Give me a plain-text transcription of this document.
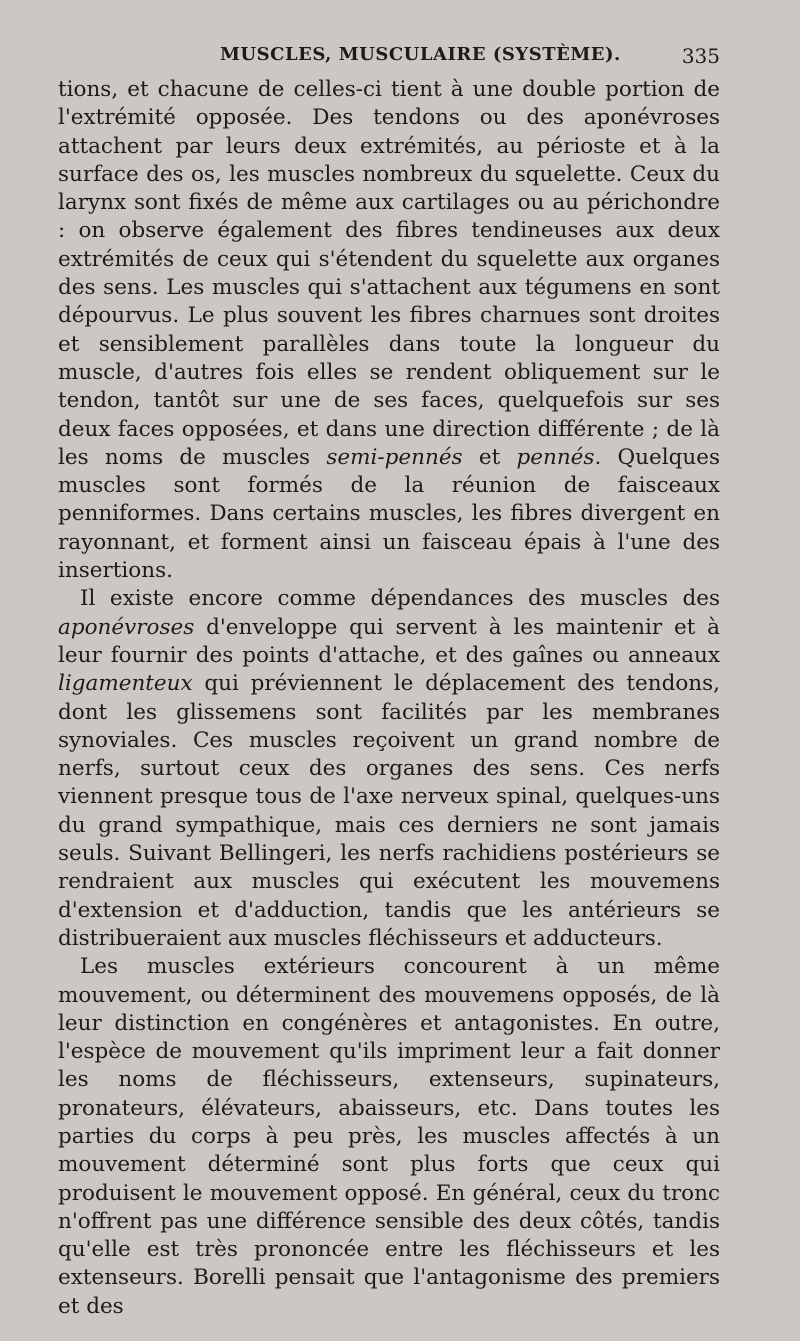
MUSCLES, MUSCULAIRE (SYSTÈME).	335

tions, et chacune de celles-ci tient à une double portion de l'extrémité opposée. Des tendons ou des aponévroses attachent par leurs deux extrémités, au périoste et à la surface des os, les muscles nombreux du squelette. Ceux du larynx sont fixés de même aux cartilages ou au périchondre : on observe également des fibres tendineuses aux deux extrémités de ceux qui s'étendent du squelette aux organes des sens. Les muscles qui s'attachent aux tégumens en sont dépourvus. Le plus souvent les fibres charnues sont droites et sensiblement parallèles dans toute la longueur du muscle, d'autres fois elles se rendent obliquement sur le tendon, tantôt sur une de ses faces, quelquefois sur ses deux faces opposées, et dans une direction différente ; de là les noms de muscles semi-pennés et pennés. Quelques muscles sont formés de la réunion de faisceaux penniformes. Dans certains muscles, les fibres divergent en rayonnant, et forment ainsi un faisceau épais à l'une des insertions.

Il existe encore comme dépendances des muscles des aponévroses d'enveloppe qui servent à les maintenir et à leur fournir des points d'attache, et des gaînes ou anneaux ligamenteux qui préviennent le déplacement des tendons, dont les glissemens sont facilités par les membranes synoviales. Ces muscles reçoivent un grand nombre de nerfs, surtout ceux des organes des sens. Ces nerfs viennent presque tous de l'axe nerveux spinal, quelques-uns du grand sympathique, mais ces derniers ne sont jamais seuls. Suivant Bellingeri, les nerfs rachidiens postérieurs se rendraient aux muscles qui exécutent les mouvemens d'extension et d'adduction, tandis que les antérieurs se distribueraient aux muscles fléchisseurs et adducteurs.

Les muscles extérieurs concourent à un même mouvement, ou déterminent des mouvemens opposés, de là leur distinction en congénères et antagonistes. En outre, l'espèce de mouvement qu'ils impriment leur a fait donner les noms de fléchisseurs, extenseurs, supinateurs, pronateurs, élévateurs, abaisseurs, etc. Dans toutes les parties du corps à peu près, les muscles affectés à un mouvement déterminé sont plus forts que ceux qui produisent le mouvement opposé. En général, ceux du tronc n'offrent pas une différence sensible des deux côtés, tandis qu'elle est très prononcée entre les fléchisseurs et les extenseurs. Borelli pensait que l'antagonisme des premiers et des
